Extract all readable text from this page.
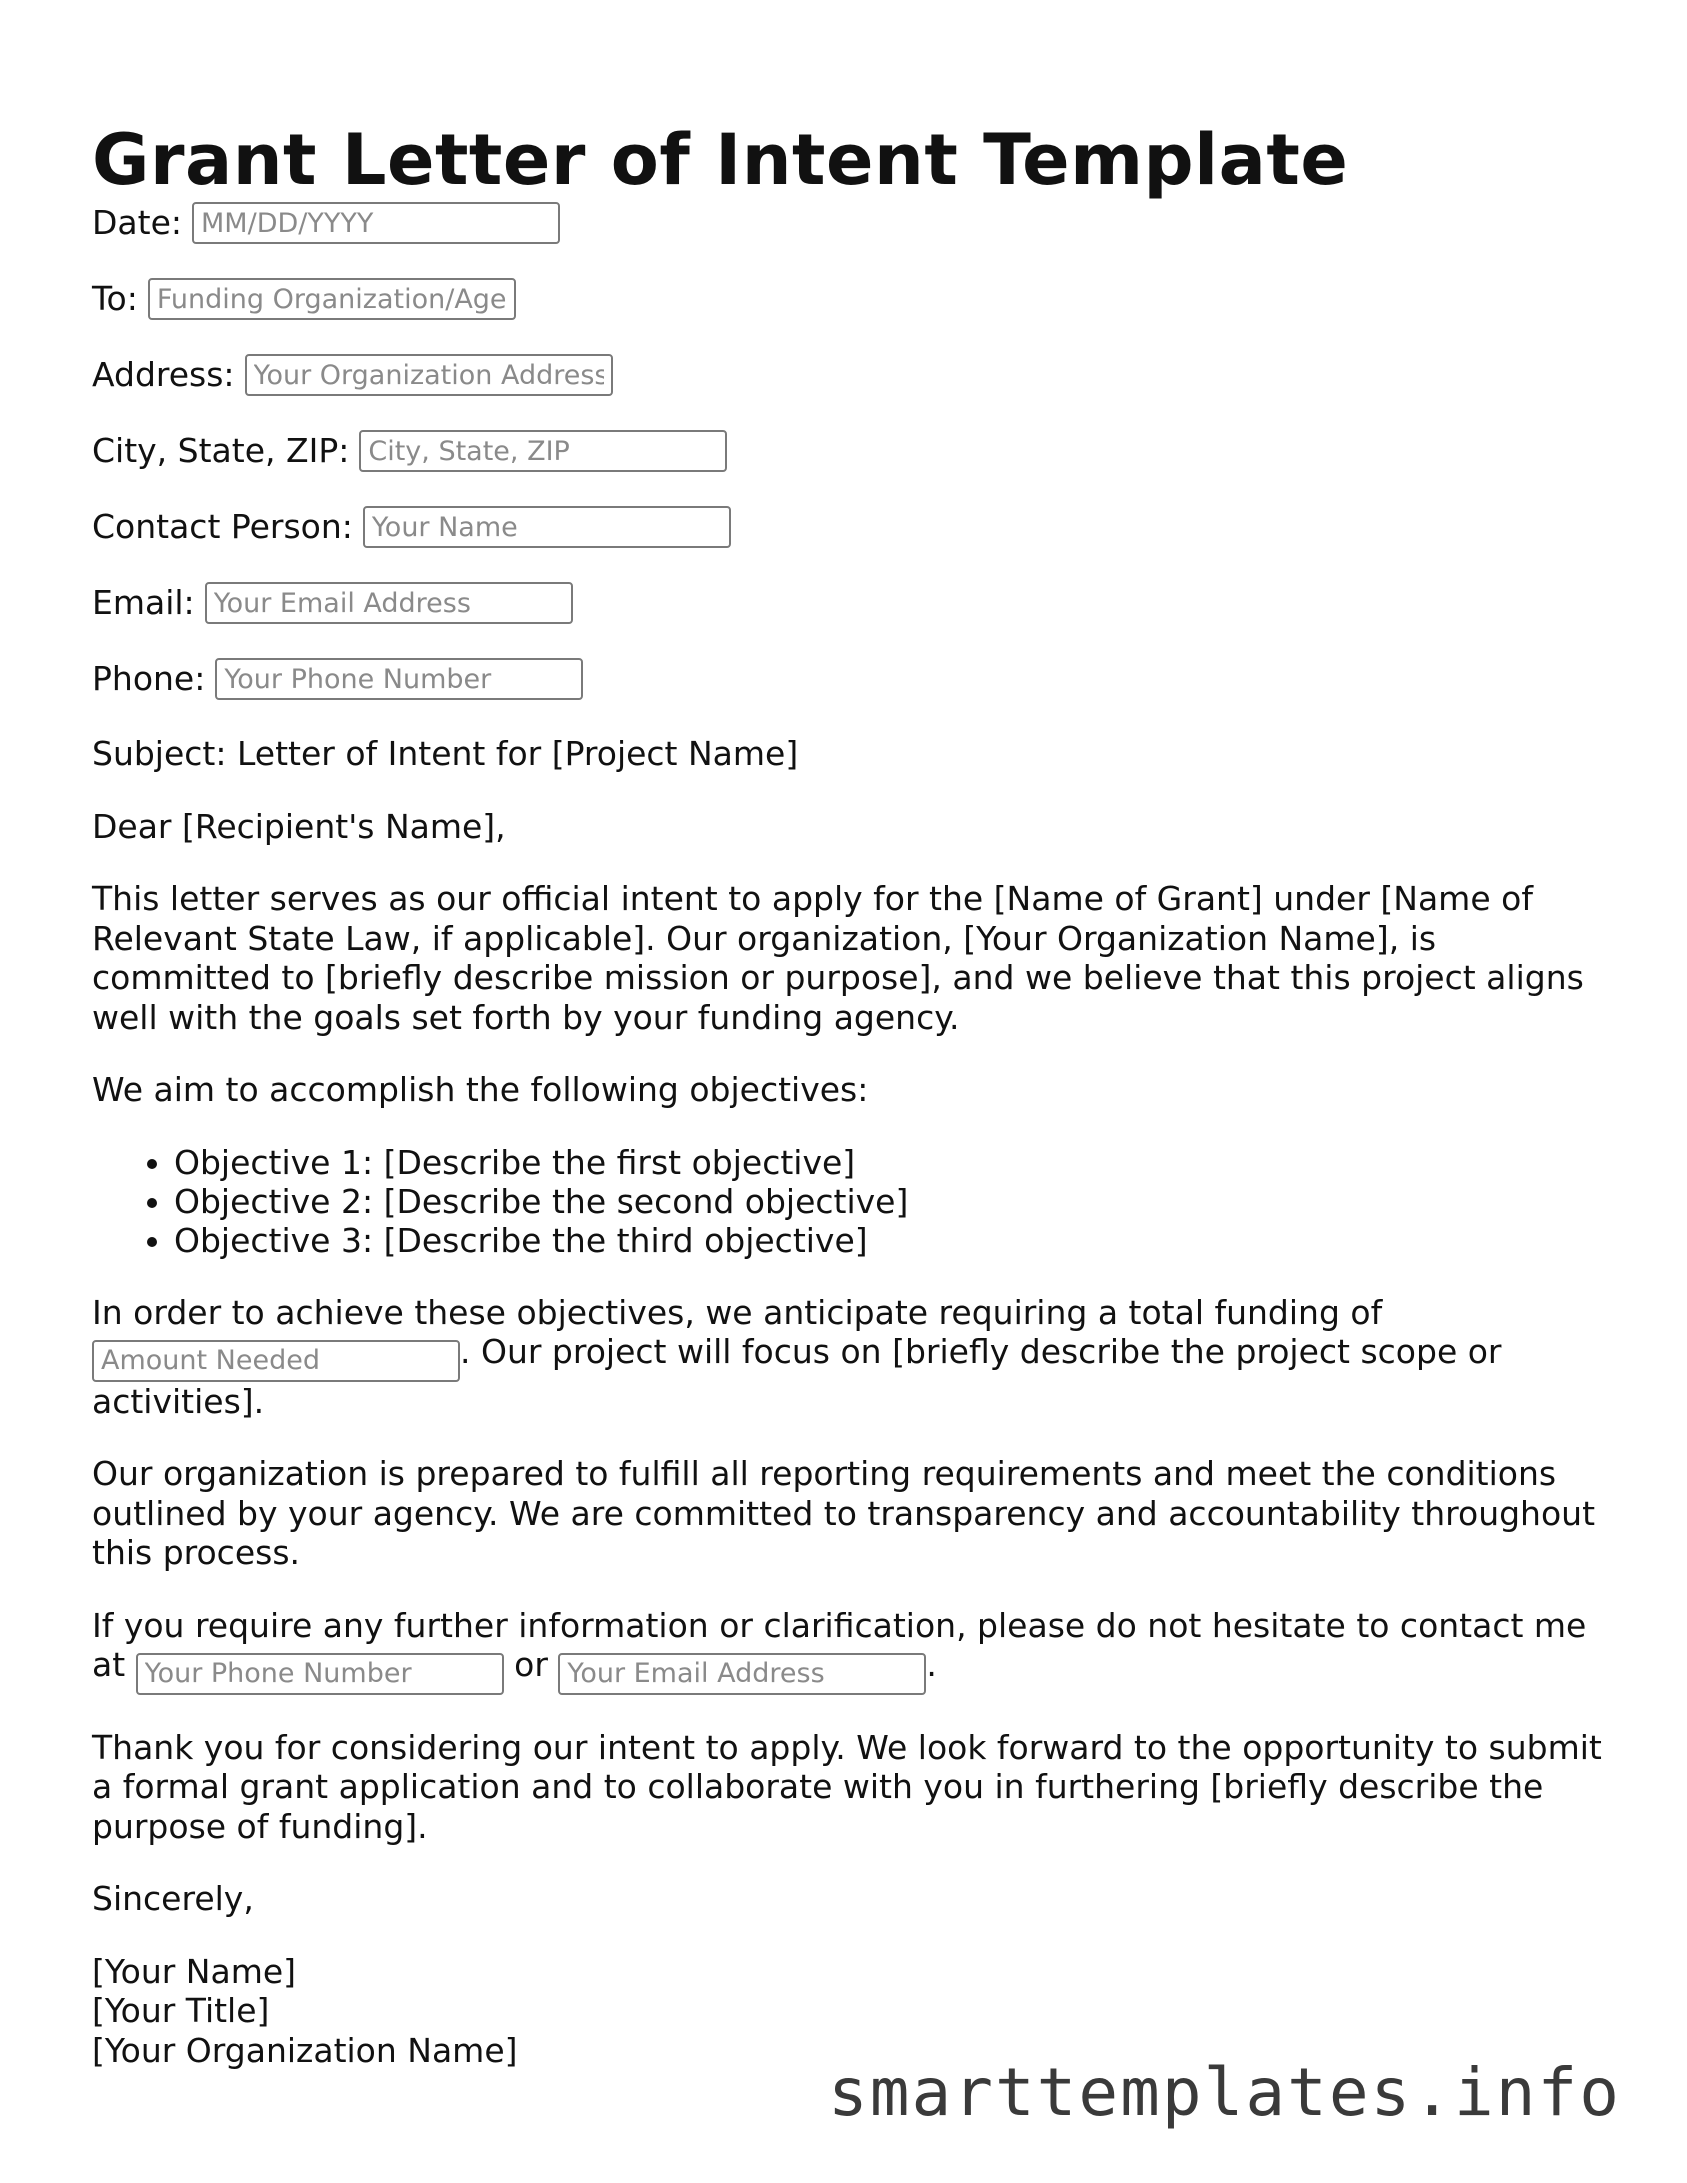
Grant Letter of Intent Template
Date:
MM/DD/YYYY
To:
Funding Organization/Agency
Address:
Your Organization Address
City, State, ZIP:
City, State, ZIP
Contact Person:
Your Name
Email:
Your Email Address
Phone:
Your Phone Number

Subject: Letter of Intent for [Project Name]

Dear [Recipient's Name],

This letter serves as our official intent to apply for the [Name of Grant] under [Name of Relevant State Law, if applicable]. Our organization, [Your Organization Name], is committed to [briefly describe mission or purpose], and we believe that this project aligns well with the goals set forth by your funding agency.

We aim to accomplish the following objectives:

• Objective 1: [Describe the first objective]
• Objective 2: [Describe the second objective]
• Objective 3: [Describe the third objective]

In order to achieve these objectives, we anticipate requiring a total funding of Amount Needed. Our project will focus on [briefly describe the project scope or activities].

Our organization is prepared to fulfill all reporting requirements and meet the conditions outlined by your agency. We are committed to transparency and accountability throughout this process.

If you require any further information or clarification, please do not hesitate to contact me at Your Phone Number	or Your Email Address	.

Thank you for considering our intent to apply. We look forward to the opportunity to submit a formal grant application and to collaborate with you in furthering [briefly describe the purpose of funding].

Sincerely,

[Your Name]
[Your Title]
[Your Organization Name]

smarttemplates.info
